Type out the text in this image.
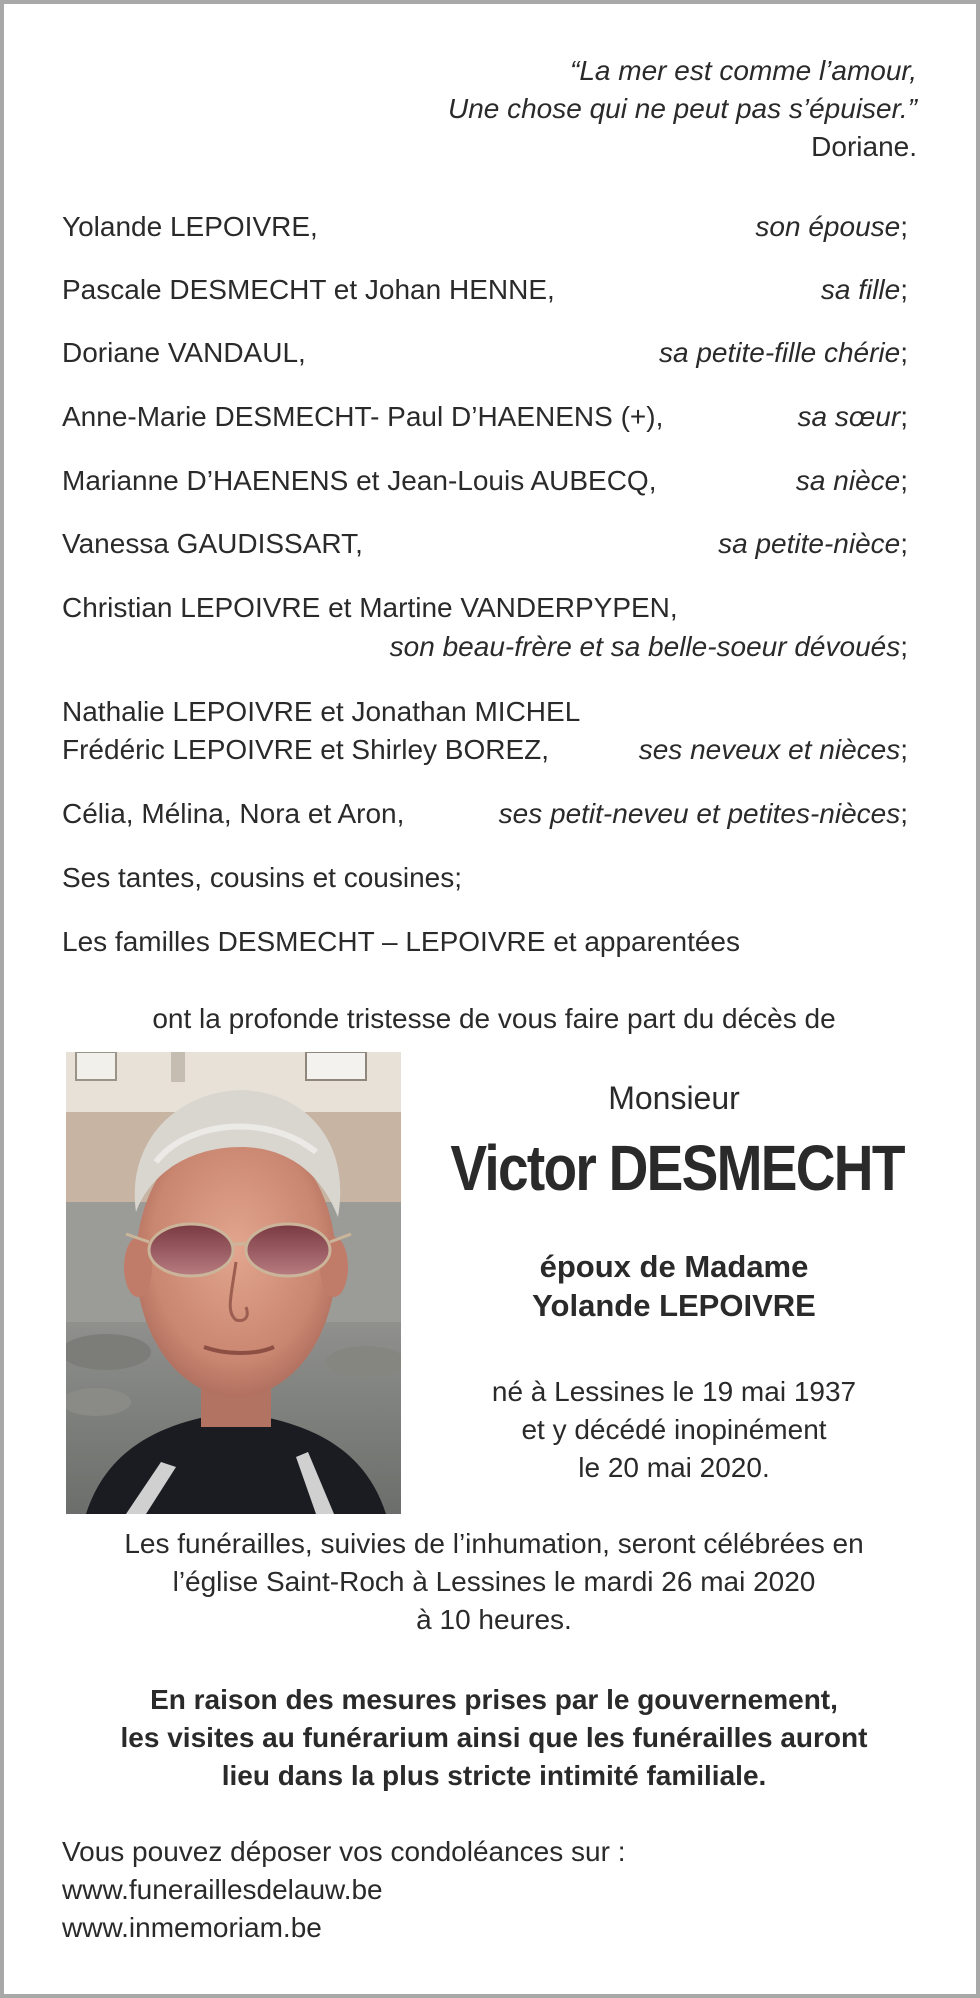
“La mer est comme l’amour,
Une chose qui ne peut pas s’épuiser.”
Doriane.
Yolande LEPOIVRE,	son épouse;
Pascale DESMECHT et Johan HENNE,	sa fille;
Doriane VANDAUL,	sa petite-fille chérie;
Anne-Marie DESMECHT- Paul D’HAENENS (+),	sa sœur;
Marianne D’HAENENS et Jean-Louis AUBECQ,	sa nièce;
Vanessa GAUDISSART,	sa petite-nièce;
Christian LEPOIVRE et Martine VANDERPYPEN,
son beau-frère et sa belle-soeur dévoués;
Nathalie LEPOIVRE et Jonathan MICHEL
Frédéric LEPOIVRE et Shirley BOREZ,	ses neveux et nièces;
Célia, Mélina, Nora et Aron,	ses petit-neveu et petites-nièces;
Ses tantes, cousins et cousines;
Les familles DESMECHT – LEPOIVRE et apparentées
ont la profonde tristesse de vous faire part du décès de
Monsieur
Victor DESMECHT
époux de Madame
Yolande LEPOIVRE
né à Lessines le 19 mai 1937
et y décédé inopinément
le 20 mai 2020.
Les funérailles, suivies de l’inhumation, seront célébrées en
l’église Saint-Roch à Lessines le mardi 26 mai 2020
à 10 heures.
En raison des mesures prises par le gouvernement,
les visites au funérarium ainsi que les funérailles auront
lieu dans la plus stricte intimité familiale.
Vous pouvez déposer vos condoléances sur :
www.funeraillesdelauw.be
www.inmemoriam.be
